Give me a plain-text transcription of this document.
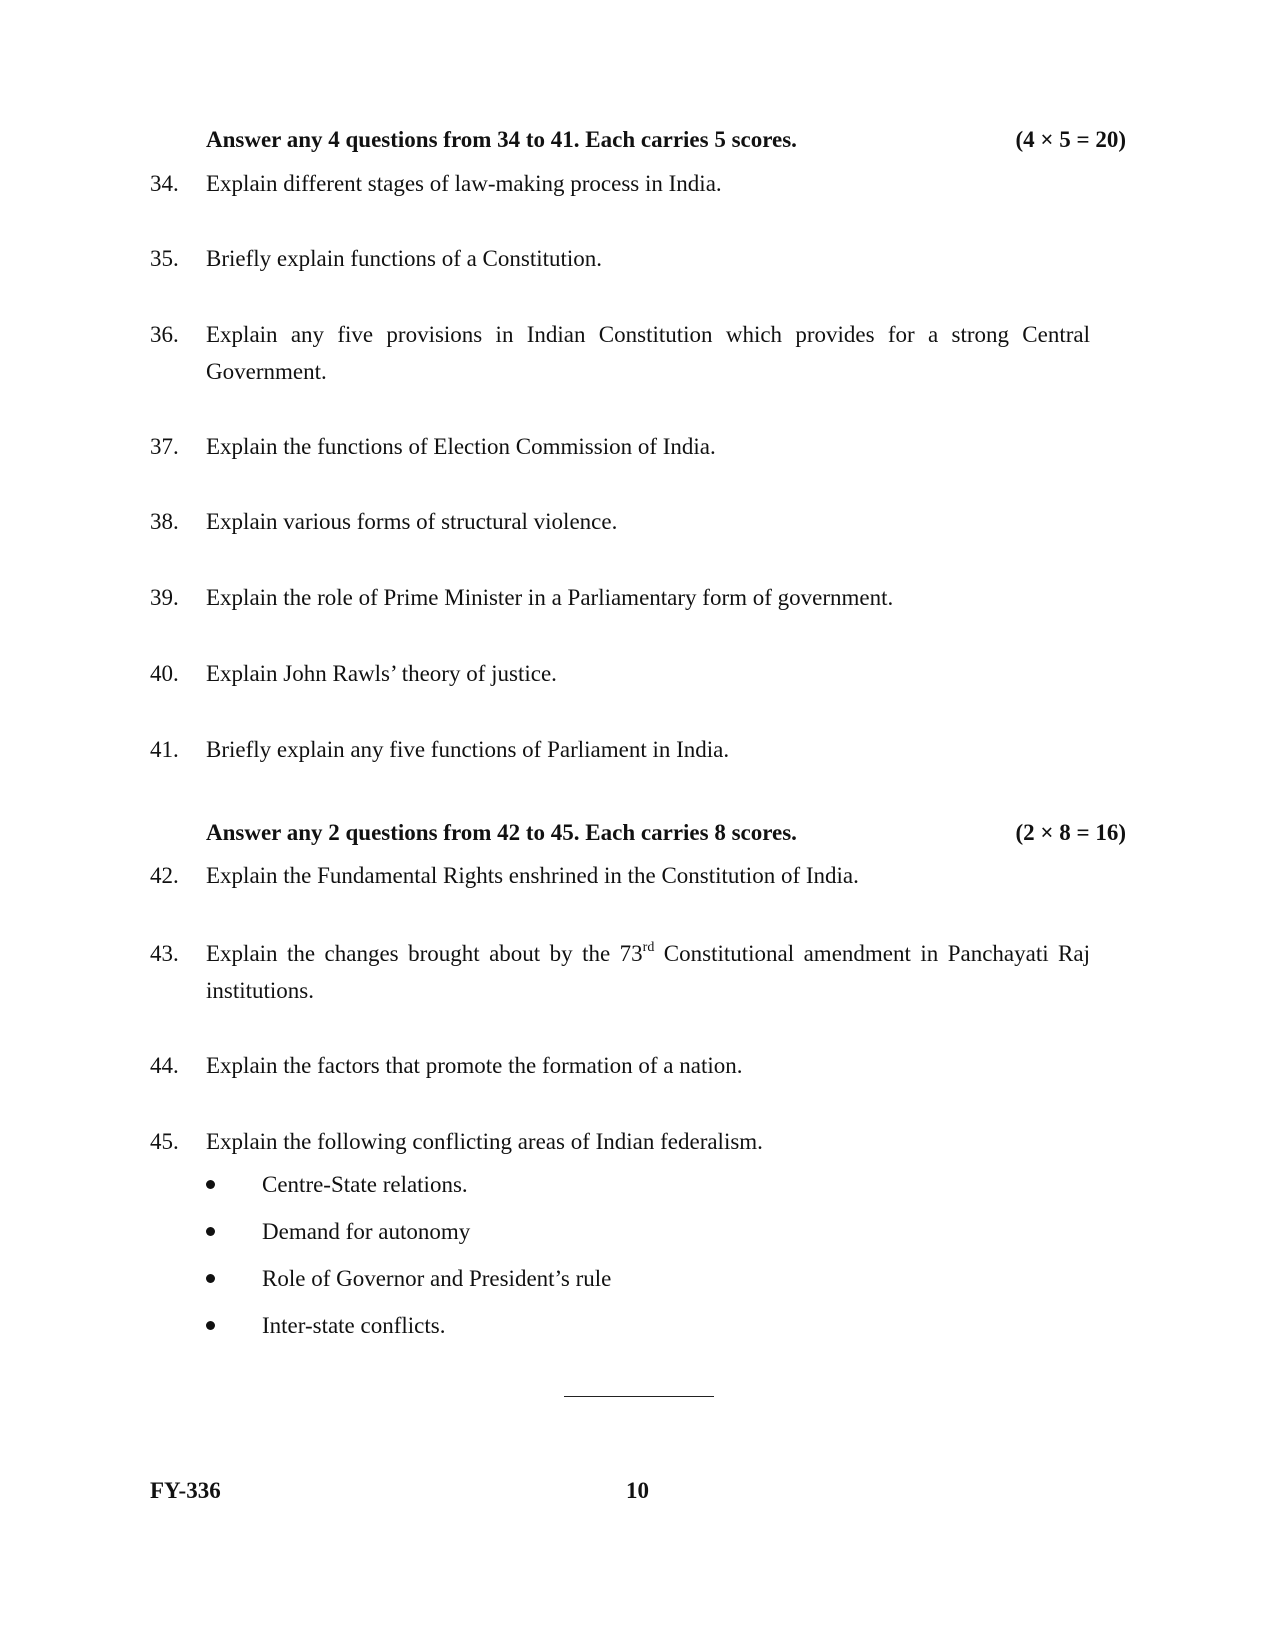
Answer any 4 questions from 34 to 41. Each carries 5 scores.	(4 × 5 = 20)
34. Explain different stages of law-making process in India.
35. Briefly explain functions of a Constitution.
36. Explain any five provisions in Indian Constitution which provides for a strong Central Government.
37. Explain the functions of Election Commission of India.
38. Explain various forms of structural violence.
39. Explain the role of Prime Minister in a Parliamentary form of government.
40. Explain John Rawls’ theory of justice.
41. Briefly explain any five functions of Parliament in India.
Answer any 2 questions from 42 to 45. Each carries 8 scores.	(2 × 8 = 16)
42. Explain the Fundamental Rights enshrined in the Constitution of India.
43. Explain the changes brought about by the 73rd Constitutional amendment in Panchayati Raj institutions.
44. Explain the factors that promote the formation of a nation.
45. Explain the following conflicting areas of Indian federalism.
Centre-State relations.
Demand for autonomy
Role of Governor and President’s rule
Inter-state conflicts.
FY-336	10
